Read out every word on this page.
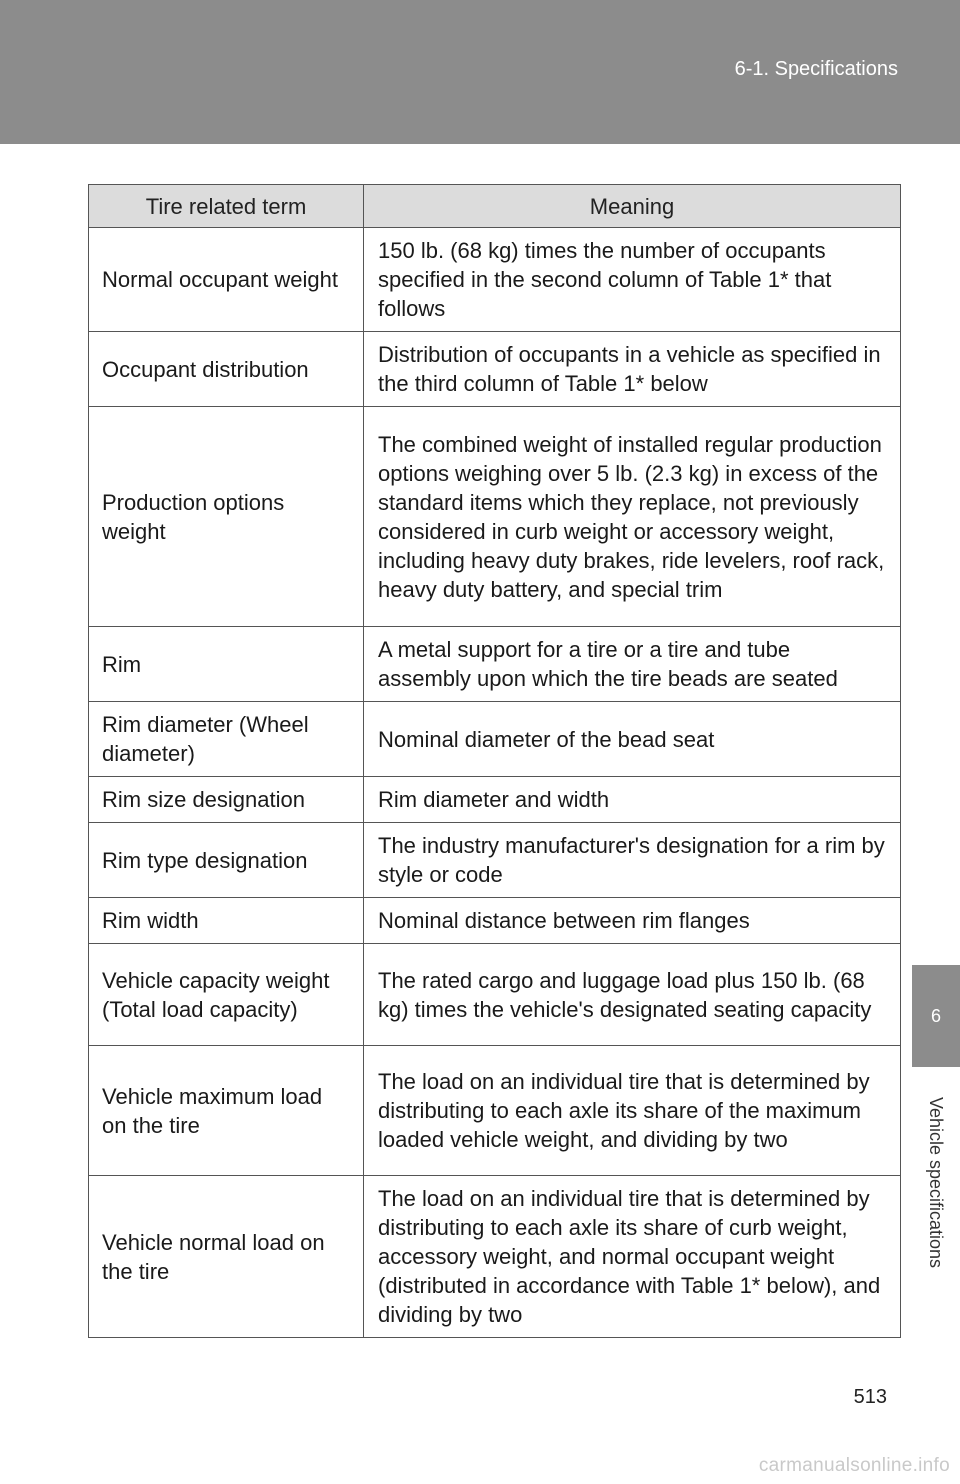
6-1. Specifications
6
Vehicle specifications
Tire related term	Meaning
Normal occupant weight	150 lb. (68 kg) times the number of occupants specified in the second column of Table 1* that follows
Occupant distribution	Distribution of occupants in a vehicle as specified in the third column of Table 1* below
Production options weight	The combined weight of installed regular production options weighing over 5 lb. (2.3 kg) in excess of the standard items which they replace, not previously considered in curb weight or accessory weight, including heavy duty brakes, ride levelers, roof rack, heavy duty battery, and special trim
Rim	A metal support for a tire or a tire and tube assembly upon which the tire beads are seated
Rim diameter (Wheel diameter)	Nominal diameter of the bead seat
Rim size designation	Rim diameter and width
Rim type designation	The industry manufacturer's designation for a rim by style or code
Rim width	Nominal distance between rim flanges
Vehicle capacity weight (Total load capacity)	The rated cargo and luggage load plus 150 lb. (68 kg) times the vehicle's designated seating capacity
Vehicle maximum load on the tire	The load on an individual tire that is determined by distributing to each axle its share of the maximum loaded vehicle weight, and dividing by two
Vehicle normal load on the tire	The load on an individual tire that is determined by distributing to each axle its share of curb weight, accessory weight, and normal occupant weight (distributed in accordance with Table 1* below), and dividing by two
513
carmanualsonline.info
